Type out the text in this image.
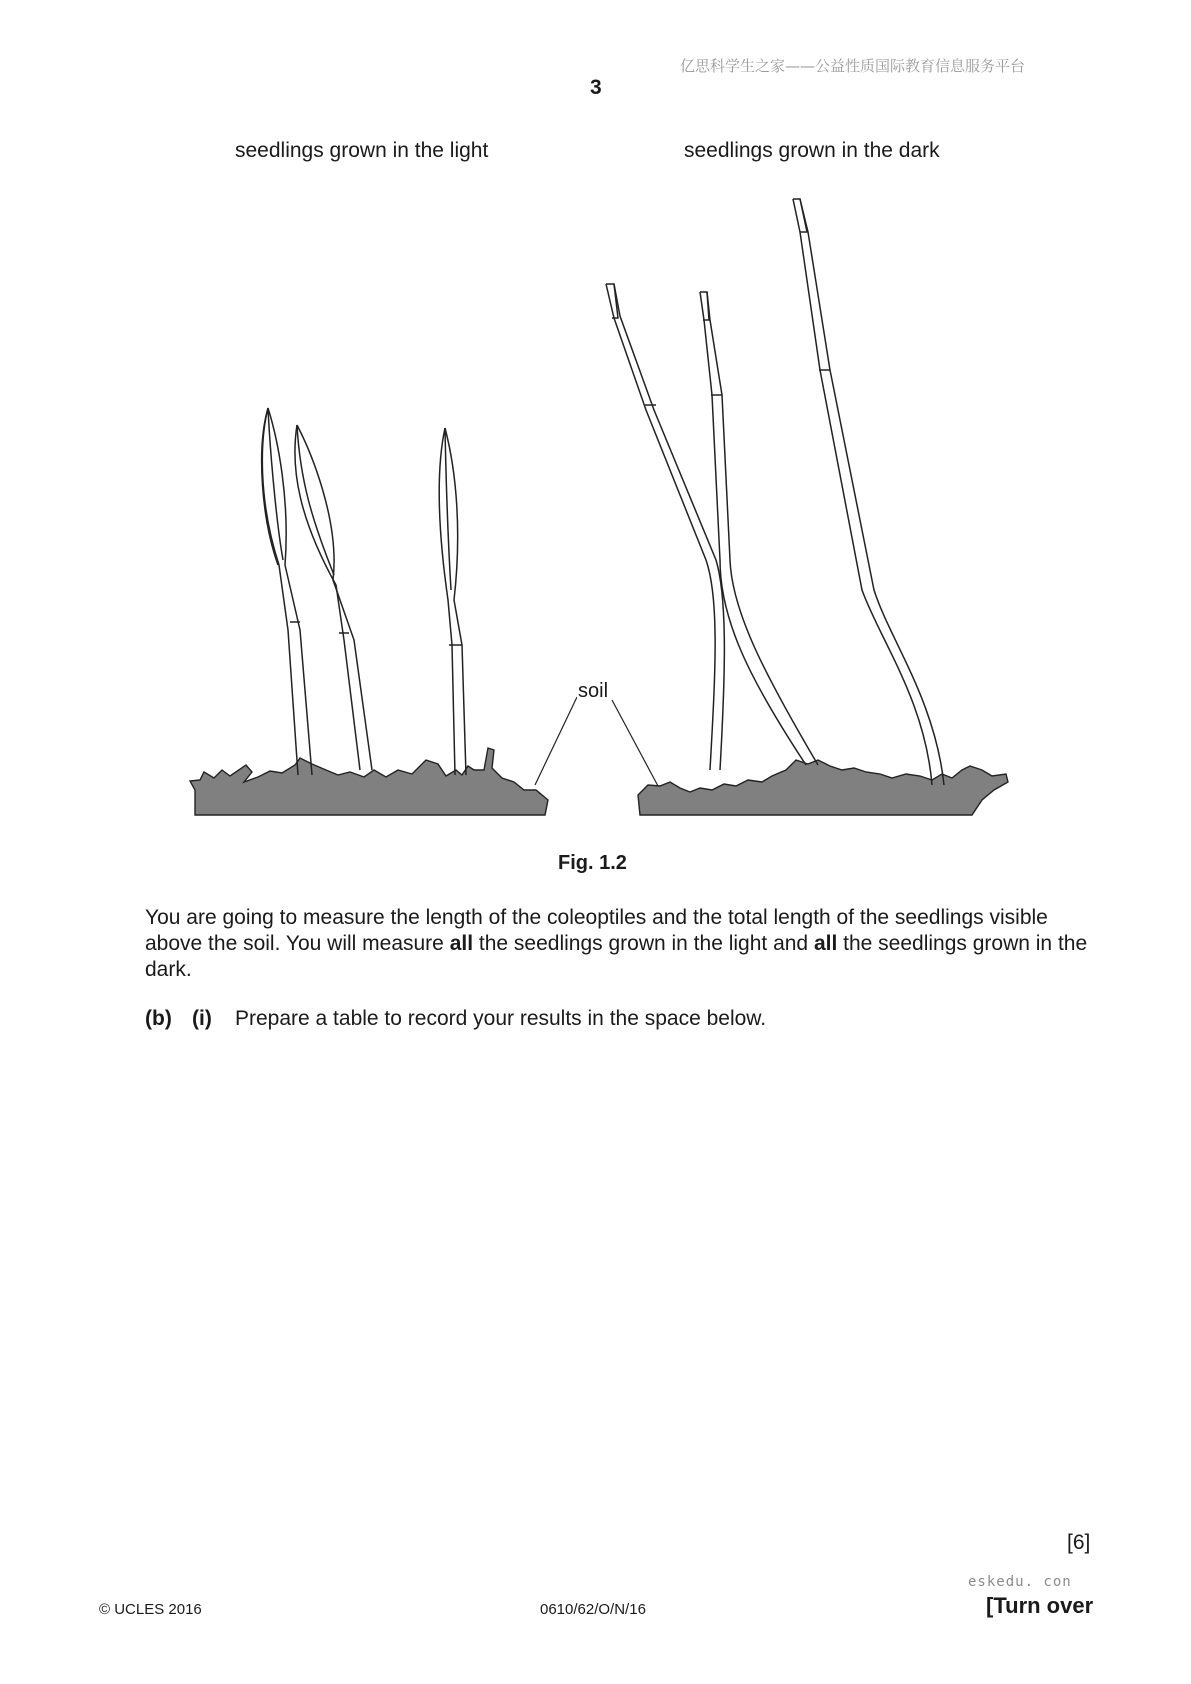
亿思科学生之家——公益性质国际教育信息服务平台
3
seedlings grown in the light	seedlings grown in the dark
soil
Fig. 1.2
You are going to measure the length of the coleoptiles and the total length of the seedlings visible above the soil. You will measure all the seedlings grown in the light and all the seedlings grown in the dark.
(b) (i) Prepare a table to record your results in the space below.
[6]
eskedu. con
© UCLES 2016	0610/62/O/N/16	[Turn over
